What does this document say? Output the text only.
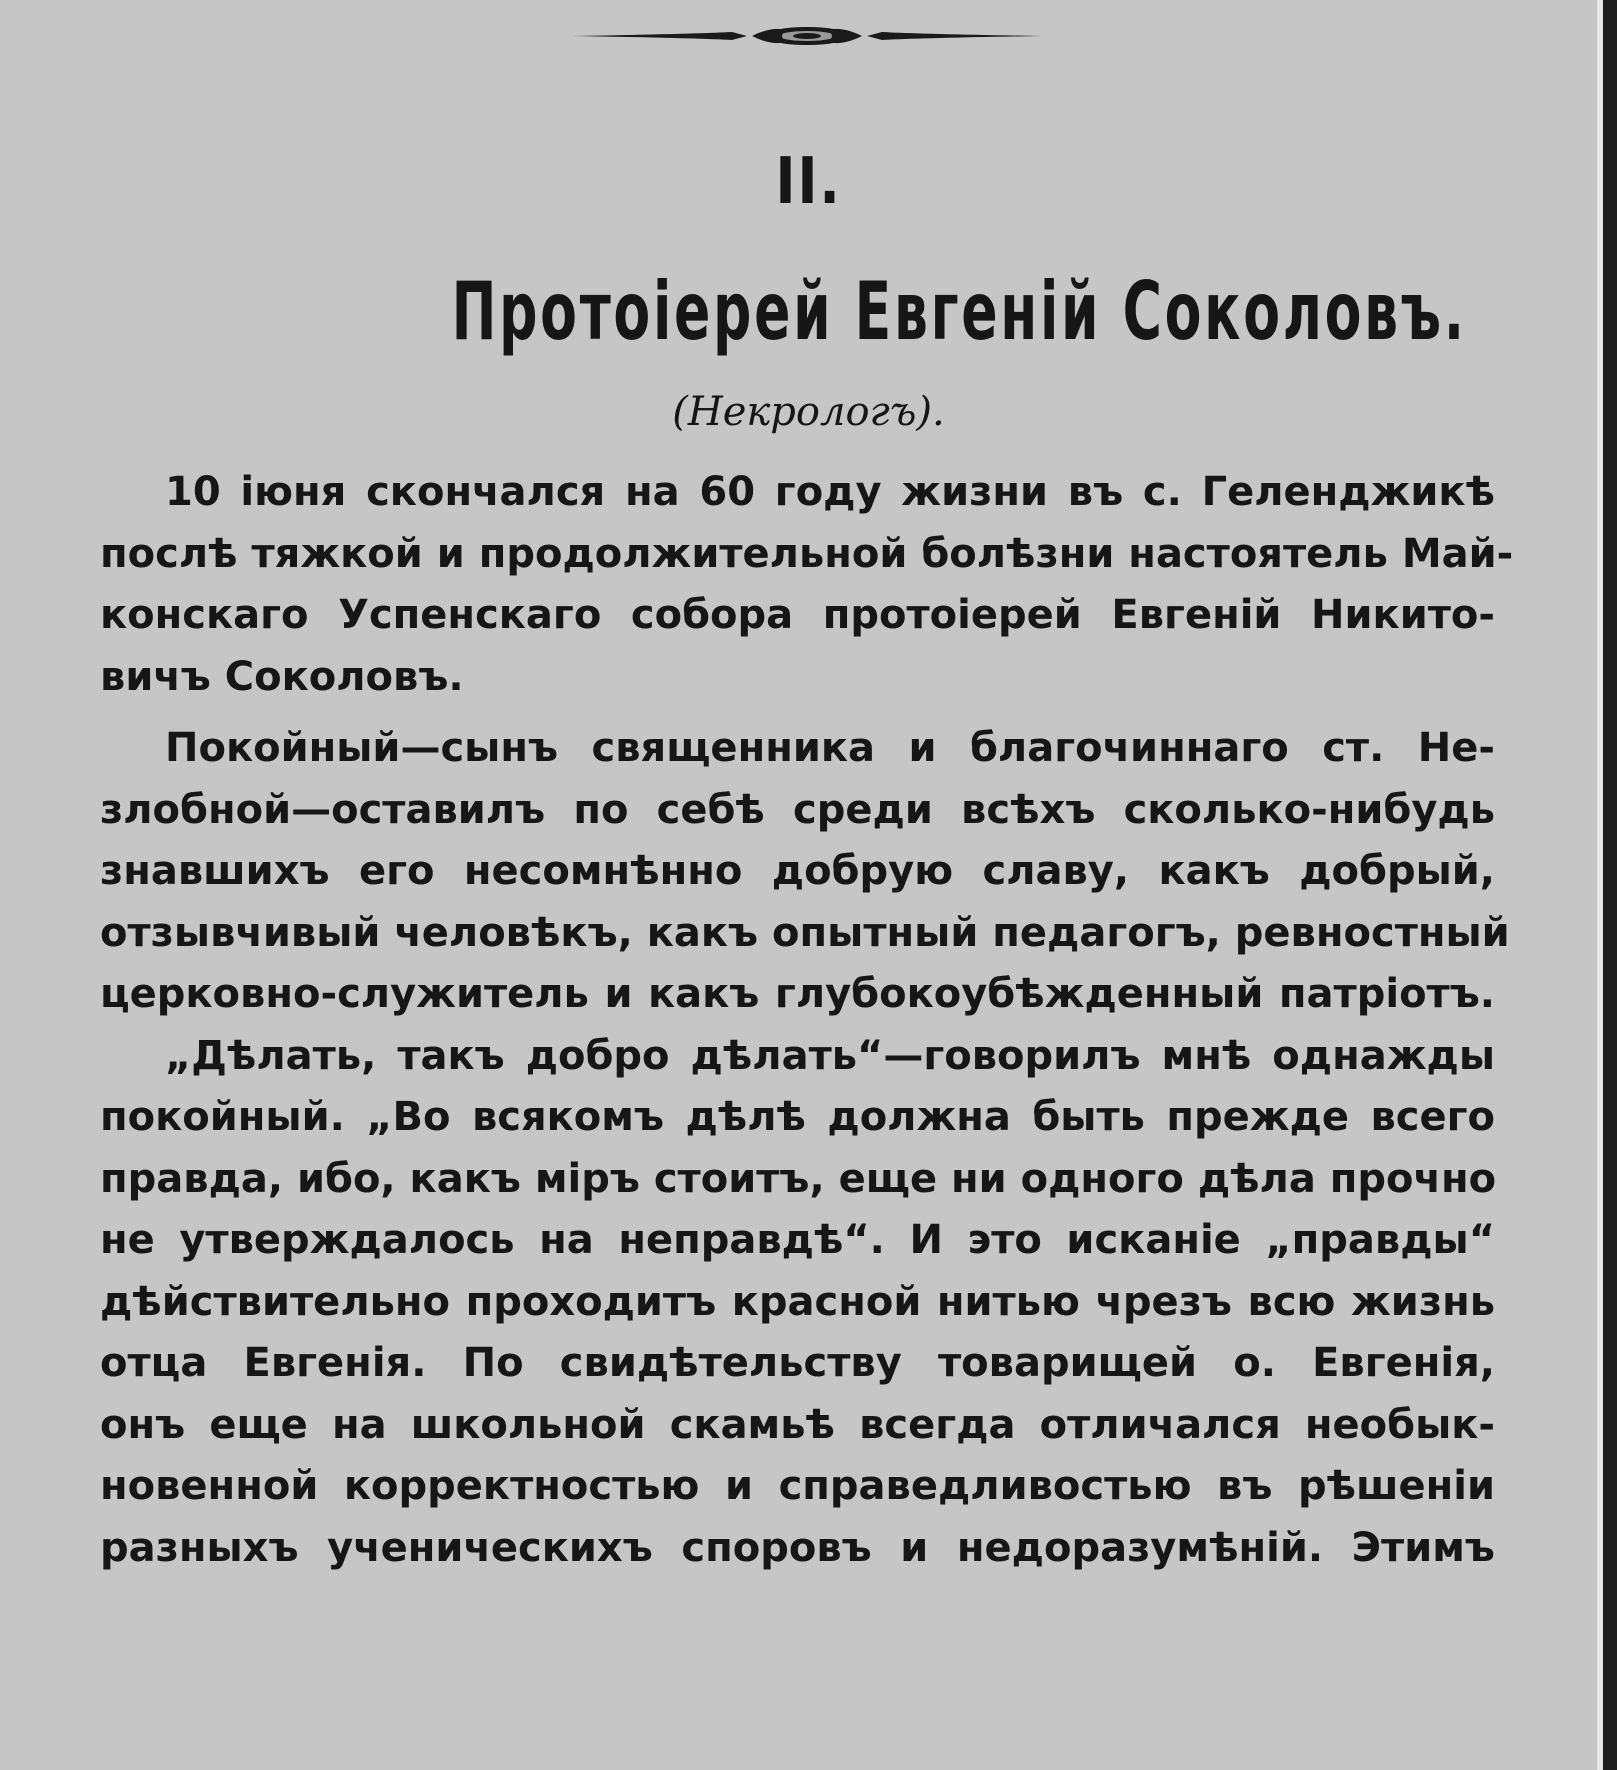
II.
Протоіерей Евгеній Соколовъ.
(Некрологъ).
10 іюня скончался на 60 году жизни въ с. Геленджикѣ
послѣ тяжкой и продолжительной болѣзни настоятель Май-
конскаго Успенскаго собора протоіерей Евгеній Никито-
вичъ Соколовъ.
Покойный—сынъ священника и благочиннаго ст. Не-
злобной—оставилъ по себѣ среди всѣхъ сколько-нибудь
знавшихъ его несомнѣнно добрую славу, какъ добрый,
отзывчивый человѣкъ, какъ опытный педагогъ, ревностный
церковно-служитель и какъ глубокоубѣжденный патріотъ.
„Дѣлать, такъ добро дѣлать“—говорилъ мнѣ однажды
покойный. „Во всякомъ дѣлѣ должна быть прежде всего
правда, ибо, какъ міръ стоитъ, еще ни одного дѣла прочно
не утверждалось на неправдѣ“. И это исканіе „правды“
дѣйствительно проходитъ красной нитью чрезъ всю жизнь
отца Евгенія. По свидѣтельству товарищей о. Евгенія,
онъ еще на школьной скамьѣ всегда отличался необык-
новенной корректностью и справедливостью въ рѣшеніи
разныхъ ученическихъ споровъ и недоразумѣній. Этимъ
